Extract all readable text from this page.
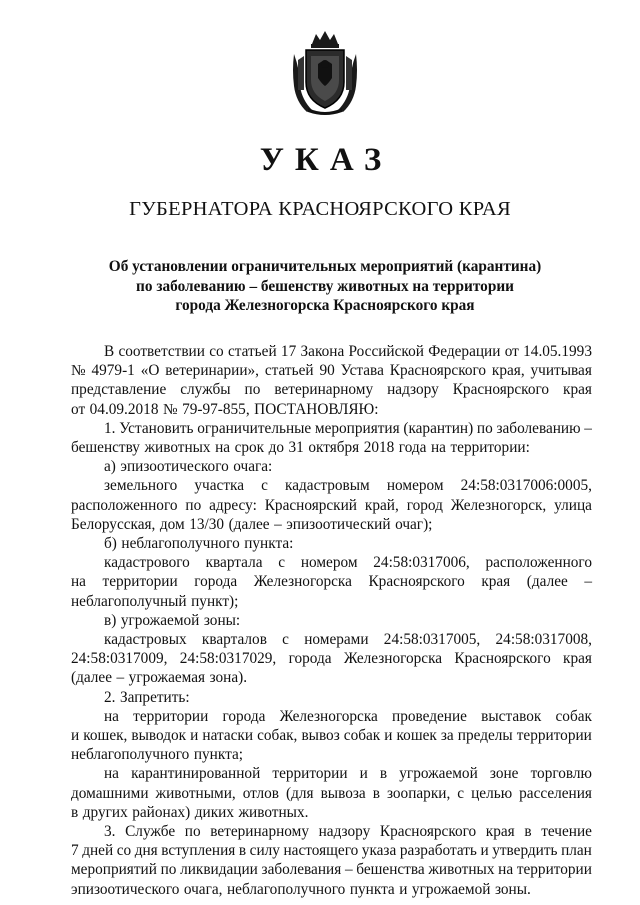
УКАЗ
ГУБЕРНАТОРА КРАСНОЯРСКОГО КРАЯ
Об установлении ограничительных мероприятий (карантина)
по заболеванию – бешенству животных на территории
города Железногорска Красноярского края
В соответствии со статьей 17 Закона Российской Федерации от 14.05.1993
№ 4979-1 «О ветеринарии», статьей 90 Устава Красноярского края, учитывая
представление службы по ветеринарному надзору Красноярского края
от 04.09.2018 № 79-97-855, ПОСТАНОВЛЯЮ:
1. Установить ограничительные мероприятия (карантин) по заболеванию –
бешенству животных на срок до 31 октября 2018 года на территории:
а) эпизоотического очага:
земельного участка с кадастровым номером 24:58:0317006:0005,
расположенного по адресу: Красноярский край, город Железногорск, улица
Белорусская, дом 13/30 (далее – эпизоотический очаг);
б) неблагополучного пункта:
кадастрового квартала с номером 24:58:0317006, расположенного
на территории города Железногорска Красноярского края (далее –
неблагополучный пункт);
в) угрожаемой зоны:
кадастровых кварталов с номерами 24:58:0317005, 24:58:0317008,
24:58:0317009, 24:58:0317029, города Железногорска Красноярского края
(далее – угрожаемая зона).
2. Запретить:
на территории города Железногорска проведение выставок собак
и кошек, выводок и натаски собак, вывоз собак и кошек за пределы территории
неблагополучного пункта;
на карантинированной территории и в угрожаемой зоне торговлю
домашними животными, отлов (для вывоза в зоопарки, с целью расселения
в других районах) диких животных.
3. Службе по ветеринарному надзору Красноярского края в течение
7 дней со дня вступления в силу настоящего указа разработать и утвердить план
мероприятий по ликвидации заболевания – бешенства животных на территории
эпизоотического очага, неблагополучного пункта и угрожаемой зоны.
